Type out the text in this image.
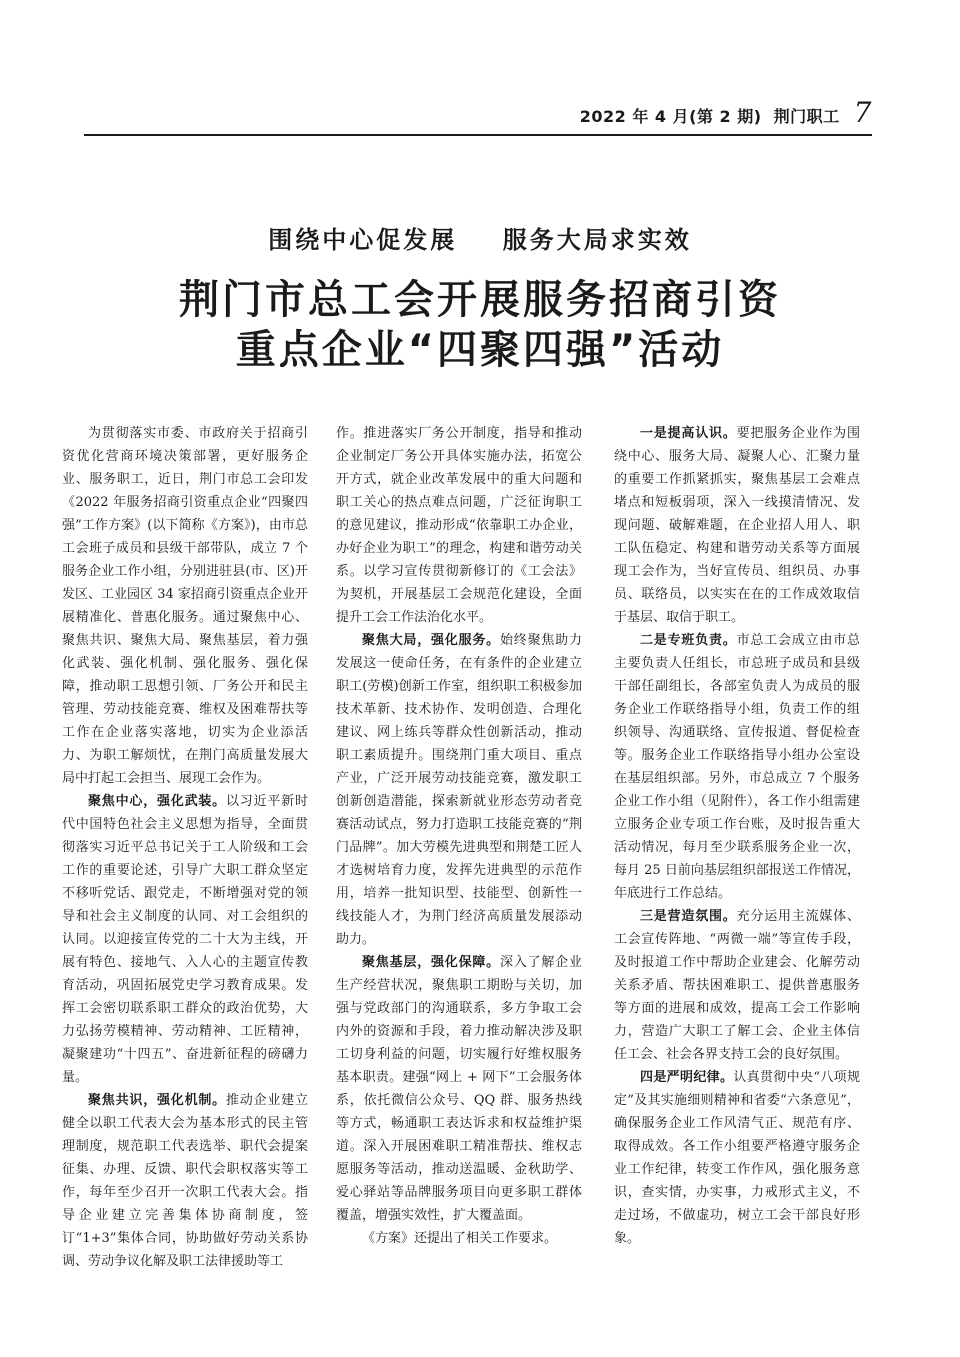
2022 年 4 月(第 2 期)  荆门职工 7
围绕中心促发展    服务大局求实效
荆门市总工会开展服务招商引资
重点企业“四聚四强”活动

为贯彻落实市委、市政府关于招商引资优化营商环境决策部署，更好服务企业、服务职工，近日，荆门市总工会印发《2022 年服务招商引资重点企业“四聚四强”工作方案》(以下简称《方案》)，由市总工会班子成员和县级干部带队，成立 7 个服务企业工作小组，分别进驻县(市、区)开发区、工业园区 34 家招商引资重点企业开展精准化、普惠化服务。通过聚焦中心、聚焦共识、聚焦大局、聚焦基层，着力强化武装、强化机制、强化服务、强化保障，推动职工思想引领、厂务公开和民主管理、劳动技能竞赛、维权及困难帮扶等工作在企业落实落地，切实为企业添活力、为职工解烦忧，在荆门高质量发展大局中打起工会担当、展现工会作为。

聚焦中心，强化武装。以习近平新时代中国特色社会主义思想为指导，全面贯彻落实习近平总书记关于工人阶级和工会工作的重要论述，引导广大职工群众坚定不移听党话、跟党走，不断增强对党的领导和社会主义制度的认同、对工会组织的认同。以迎接宣传党的二十大为主线，开展有特色、接地气、入人心的主题宣传教育活动，巩固拓展党史学习教育成果。发挥工会密切联系职工群众的政治优势，大力弘扬劳模精神、劳动精神、工匠精神，凝聚建功“十四五”、奋进新征程的磅礴力量。

聚焦共识，强化机制。推动企业建立健全以职工代表大会为基本形式的民主管理制度，规范职工代表选举、职代会提案征集、办理、反馈、职代会职权落实等工作，每年至少召开一次职工代表大会。指导企业建立完善集体协商制度，签订“1+3”集体合同，协助做好劳动关系协调、劳动争议化解及职工法律援助等工

作。推进落实厂务公开制度，指导和推动企业制定厂务公开具体实施办法，拓宽公开方式，就企业改革发展中的重大问题和职工关心的热点难点问题，广泛征询职工的意见建议，推动形成“依靠职工办企业，办好企业为职工”的理念，构建和谐劳动关系。以学习宣传贯彻新修订的《工会法》为契机，开展基层工会规范化建设，全面提升工会工作法治化水平。

聚焦大局，强化服务。始终聚焦助力发展这一使命任务，在有条件的企业建立职工(劳模)创新工作室，组织职工积极参加技术革新、技术协作、发明创造、合理化建议、网上练兵等群众性创新活动，推动职工素质提升。围绕荆门重大项目、重点产业，广泛开展劳动技能竞赛，激发职工创新创造潜能，探索新就业形态劳动者竞赛活动试点，努力打造职工技能竞赛的“荆门品牌”。加大劳模先进典型和荆楚工匠人才选树培育力度，发挥先进典型的示范作用，培养一批知识型、技能型、创新性一线技能人才，为荆门经济高质量发展添动助力。

聚焦基层，强化保障。深入了解企业生产经营状况，聚焦职工期盼与关切，加强与党政部门的沟通联系，多方争取工会内外的资源和手段，着力推动解决涉及职工切身利益的问题，切实履行好维权服务基本职责。建强“网上 + 网下”工会服务体系，依托微信公众号、QQ 群、服务热线等方式，畅通职工表达诉求和权益维护渠道。深入开展困难职工精准帮扶、维权志愿服务等活动，推动送温暖、金秋助学、爱心驿站等品牌服务项目向更多职工群体覆盖，增强实效性，扩大覆盖面。

《方案》还提出了相关工作要求。

一是提高认识。要把服务企业作为围绕中心、服务大局、凝聚人心、汇聚力量的重要工作抓紧抓实，聚焦基层工会难点堵点和短板弱项，深入一线摸清情况、发现问题、破解难题，在企业招人用人、职工队伍稳定、构建和谐劳动关系等方面展现工会作为，当好宣传员、组织员、办事员、联络员，以实实在在的工作成效取信于基层、取信于职工。

二是专班负责。市总工会成立由市总主要负责人任组长，市总班子成员和县级干部任副组长，各部室负责人为成员的服务企业工作联络指导小组，负责工作的组织领导、沟通联络、宣传报道、督促检查等。服务企业工作联络指导小组办公室设在基层组织部。另外，市总成立 7 个服务企业工作小组（见附件），各工作小组需建立服务企业专项工作台账，及时报告重大活动情况，每月至少联系服务企业一次，每月 25 日前向基层组织部报送工作情况，年底进行工作总结。

三是营造氛围。充分运用主流媒体、工会宣传阵地、“两微一端”等宣传手段，及时报道工作中帮助企业建会、化解劳动关系矛盾、帮扶困难职工、提供普惠服务等方面的进展和成效，提高工会工作影响力，营造广大职工了解工会、企业主体信任工会、社会各界支持工会的良好氛围。

四是严明纪律。认真贯彻中央“八项规定”及其实施细则精神和省委“六条意见”，确保服务企业工作风清气正、规范有序、取得成效。各工作小组要严格遵守服务企业工作纪律，转变工作作风，强化服务意识，查实情，办实事，力戒形式主义，不走过场，不做虚功，树立工会干部良好形象。
